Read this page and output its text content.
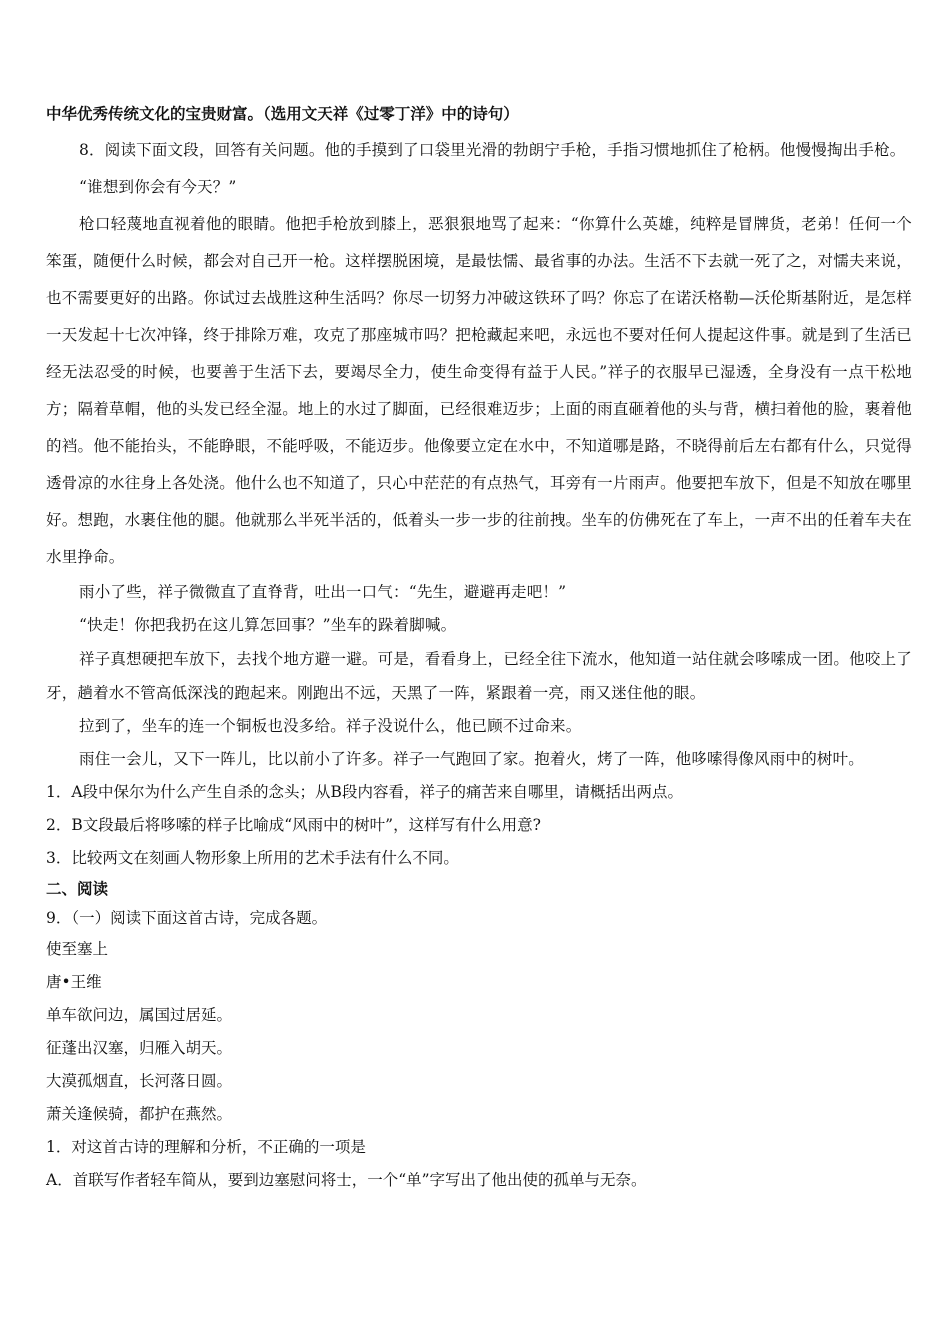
中华优秀传统文化的宝贵财富。（选用文天祥《过零丁洋》中的诗句）
8．阅读下面文段，回答有关问题。他的手摸到了口袋里光滑的勃朗宁手枪，手指习惯地抓住了枪柄。他慢慢掏出手枪。
“谁想到你会有今天？”
枪口轻蔑地直视着他的眼睛。他把手枪放到膝上，恶狠狠地骂了起来：“你算什么英雄，纯粹是冒牌货，老弟！任何一个笨蛋，随便什么时候，都会对自己开一枪。这样摆脱困境，是最怯懦、最省事的办法。生活不下去就一死了之，对懦夫来说，也不需要更好的出路。你试过去战胜这种生活吗？你尽一切努力冲破这铁环了吗？你忘了在诺沃格勒—沃伦斯基附近，是怎样一天发起十七次冲锋，终于排除万难，攻克了那座城市吗？把枪藏起来吧，永远也不要对任何人提起这件事。就是到了生活已经无法忍受的时候，也要善于生活下去，要竭尽全力，使生命变得有益于人民。”祥子的衣服早已湿透，全身没有一点干松地方；隔着草帽，他的头发已经全湿。地上的水过了脚面，已经很难迈步；上面的雨直砸着他的头与背，横扫着他的脸，裹着他的裆。他不能抬头，不能睁眼，不能呼吸，不能迈步。他像要立定在水中，不知道哪是路，不晓得前后左右都有什么，只觉得透骨凉的水往身上各处浇。他什么也不知道了，只心中茫茫的有点热气，耳旁有一片雨声。他要把车放下，但是不知放在哪里好。想跑，水裹住他的腿。他就那么半死半活的，低着头一步一步的往前拽。坐车的仿佛死在了车上，一声不出的任着车夫在水里挣命。
雨小了些，祥子微微直了直脊背，吐出一口气：“先生，避避再走吧！”
“快走！你把我扔在这儿算怎回事？”坐车的跺着脚喊。
祥子真想硬把车放下，去找个地方避一避。可是，看看身上，已经全往下流水，他知道一站住就会哆嗦成一团。他咬上了牙，趟着水不管高低深浅的跑起来。刚跑出不远，天黑了一阵，紧跟着一亮，雨又迷住他的眼。
拉到了，坐车的连一个铜板也没多给。祥子没说什么，他已顾不过命来。
雨住一会儿，又下一阵儿，比以前小了许多。祥子一气跑回了家。抱着火，烤了一阵，他哆嗦得像风雨中的树叶。
1．A段中保尔为什么产生自杀的念头；从B段内容看，祥子的痛苦来自哪里，请概括出两点。
2．B文段最后将哆嗦的样子比喻成“风雨中的树叶”，这样写有什么用意?
3．比较两文在刻画人物形象上所用的艺术手法有什么不同。
二、阅读
9．（一）阅读下面这首古诗，完成各题。
使至塞上
唐•王维
单车欲问边，属国过居延。
征蓬出汉塞，归雁入胡天。
大漠孤烟直，长河落日圆。
萧关逢候骑，都护在燕然。
1．对这首古诗的理解和分析，不正确的一项是
A．首联写作者轻车简从，要到边塞慰问将士，一个“单”字写出了他出使的孤单与无奈。
